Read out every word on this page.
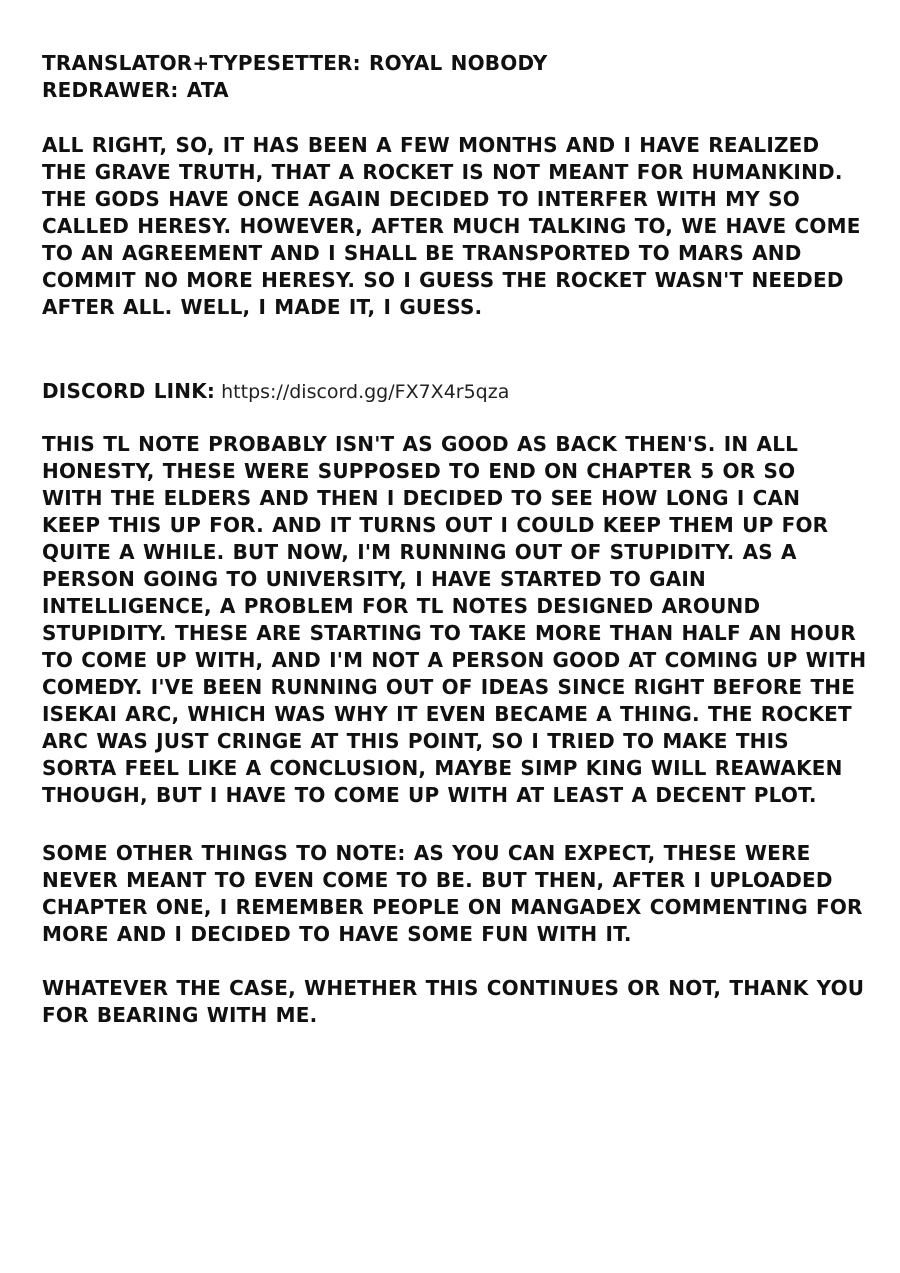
TRANSLATOR+TYPESETTER: ROYAL NOBODY
REDRAWER: ATA
ALL RIGHT, SO, IT HAS BEEN A FEW MONTHS AND I HAVE REALIZED
THE GRAVE TRUTH, THAT A ROCKET IS NOT MEANT FOR HUMANKIND.
THE GODS HAVE ONCE AGAIN DECIDED TO INTERFER WITH MY SO
CALLED HERESY. HOWEVER, AFTER MUCH TALKING TO, WE HAVE COME
TO AN AGREEMENT AND I SHALL BE TRANSPORTED TO MARS AND
COMMIT NO MORE HERESY. SO I GUESS THE ROCKET WASN'T NEEDED
AFTER ALL. WELL, I MADE IT, I GUESS.
DISCORD LINK: https://discord.gg/FX7X4r5qza
THIS TL NOTE PROBABLY ISN'T AS GOOD AS BACK THEN'S. IN ALL
HONESTY, THESE WERE SUPPOSED TO END ON CHAPTER 5 OR SO
WITH THE ELDERS AND THEN I DECIDED TO SEE HOW LONG I CAN
KEEP THIS UP FOR. AND IT TURNS OUT I COULD KEEP THEM UP FOR
QUITE A WHILE. BUT NOW, I'M RUNNING OUT OF STUPIDITY. AS A
PERSON GOING TO UNIVERSITY, I HAVE STARTED TO GAIN
INTELLIGENCE, A PROBLEM FOR TL NOTES DESIGNED AROUND
STUPIDITY. THESE ARE STARTING TO TAKE MORE THAN HALF AN HOUR
TO COME UP WITH, AND I'M NOT A PERSON GOOD AT COMING UP WITH
COMEDY. I'VE BEEN RUNNING OUT OF IDEAS SINCE RIGHT BEFORE THE
ISEKAI ARC, WHICH WAS WHY IT EVEN BECAME A THING. THE ROCKET
ARC WAS JUST CRINGE AT THIS POINT, SO I TRIED TO MAKE THIS
SORTA FEEL LIKE A CONCLUSION, MAYBE SIMP KING WILL REAWAKEN
THOUGH, BUT I HAVE TO COME UP WITH AT LEAST A DECENT PLOT.
SOME OTHER THINGS TO NOTE: AS YOU CAN EXPECT, THESE WERE
NEVER MEANT TO EVEN COME TO BE. BUT THEN, AFTER I UPLOADED
CHAPTER ONE, I REMEMBER PEOPLE ON MANGADEX COMMENTING FOR
MORE AND I DECIDED TO HAVE SOME FUN WITH IT.
WHATEVER THE CASE, WHETHER THIS CONTINUES OR NOT, THANK YOU
FOR BEARING WITH ME.
